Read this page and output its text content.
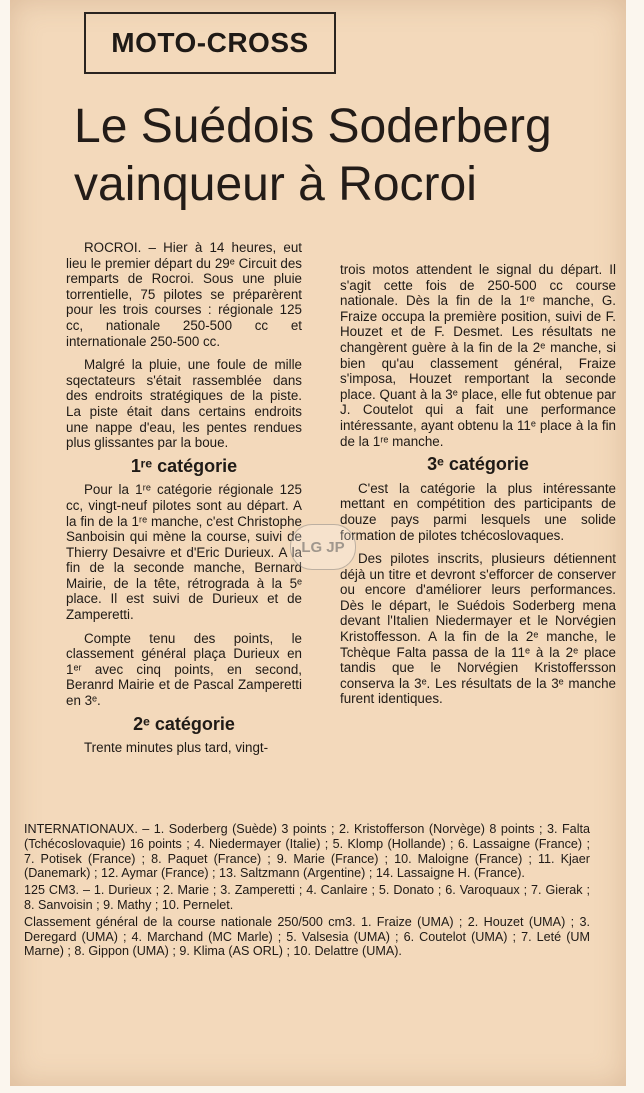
MOTO-CROSS
Le Suédois Soderberg vainqueur à Rocroi

ROCROI. – Hier à 14 heures, eut lieu le premier départ du 29ᵉ Circuit des remparts de Rocroi. Sous une pluie torrentielle, 75 pilotes se préparèrent pour les trois courses : régionale 125 cc, nationale 250-500 cc et internationale 250-500 cc.

Malgré la pluie, une foule de mille sqectateurs s'était rassemblée dans des endroits stratégiques de la piste. La piste était dans certains endroits une nappe d'eau, les pentes rendues plus glissantes par la boue.

1ʳᵉ catégorie

Pour la 1ʳᵉ catégorie régionale 125 cc, vingt-neuf pilotes sont au départ. A la fin de la 1ʳᵉ manche, c'est Christophe Sanboisin qui mène la course, suivi de Thierry Desaivre et d'Eric Durieux. A la fin de la seconde manche, Bernard Mairie, de la tête, rétrograda à la 5ᵉ place. Il est suivi de Durieux et de Zamperetti.

Compte tenu des points, le classement général plaça Durieux en 1ᵉʳ avec cinq points, en second, Beranrd Mairie et de Pascal Zamperetti en 3ᵉ.

2ᵉ catégorie

Trente minutes plus tard, vingt-

trois motos attendent le signal du départ. Il s'agit cette fois de 250-500 cc course nationale. Dès la fin de la 1ʳᵉ manche, G. Fraize occupa la première position, suivi de F. Houzet et de F. Desmet. Les résultats ne changèrent guère à la fin de la 2ᵉ manche, si bien qu'au classement général, Fraize s'imposa, Houzet remportant la seconde place. Quant à la 3ᵉ place, elle fut obtenue par J. Coutelot qui a fait une performance intéressante, ayant obtenu la 11ᵉ place à la fin de la 1ʳᵉ manche.

3ᵉ catégorie

C'est la catégorie la plus intéressante mettant en compétition des participants de douze pays parmi lesquels une solide formation de pilotes tchécoslovaques.

Des pilotes inscrits, plusieurs détiennent déjà un titre et devront s'efforcer de conserver ou encore d'améliorer leurs performances. Dès le départ, le Suédois Soderberg mena devant l'Italien Niedermayer et le Norvégien Kristoffesson. A la fin de la 2ᵉ manche, le Tchèque Falta passa de la 11ᵉ à la 2ᵉ place tandis que le Norvégien Kristoffersson conserva la 3ᵉ. Les résultats de la 3ᵉ manche furent identiques.

LG JP

INTERNATIONAUX. – 1. Soderberg (Suède) 3 points ; 2. Kristofferson (Norvège) 8 points ; 3. Falta (Tchécoslovaquie) 16 points ; 4. Niedermayer (Italie) ; 5. Klomp (Hollande) ; 6. Lassaigne (France) ; 7. Potisek (France) ; 8. Paquet (France) ; 9. Marie (France) ; 10. Maloigne (France) ; 11. Kjaer (Danemark) ; 12. Aymar (France) ; 13. Saltzmann (Argentine) ; 14. Lassaigne H. (France).

125 CM3. – 1. Durieux ; 2. Marie ; 3. Zamperetti ; 4. Canlaire ; 5. Donato ; 6. Varoquaux ; 7. Gierak ; 8. Sanvoisin ; 9. Mathy ; 10. Pernelet.

Classement général de la course nationale 250/500 cm3. 1. Fraize (UMA) ; 2. Houzet (UMA) ; 3. Deregard (UMA) ; 4. Marchand (MC Marle) ; 5. Valsesia (UMA) ; 6. Coutelot (UMA) ; 7. Leté (UM Marne) ; 8. Gippon (UMA) ; 9. Klima (AS ORL) ; 10. Delattre (UMA).
